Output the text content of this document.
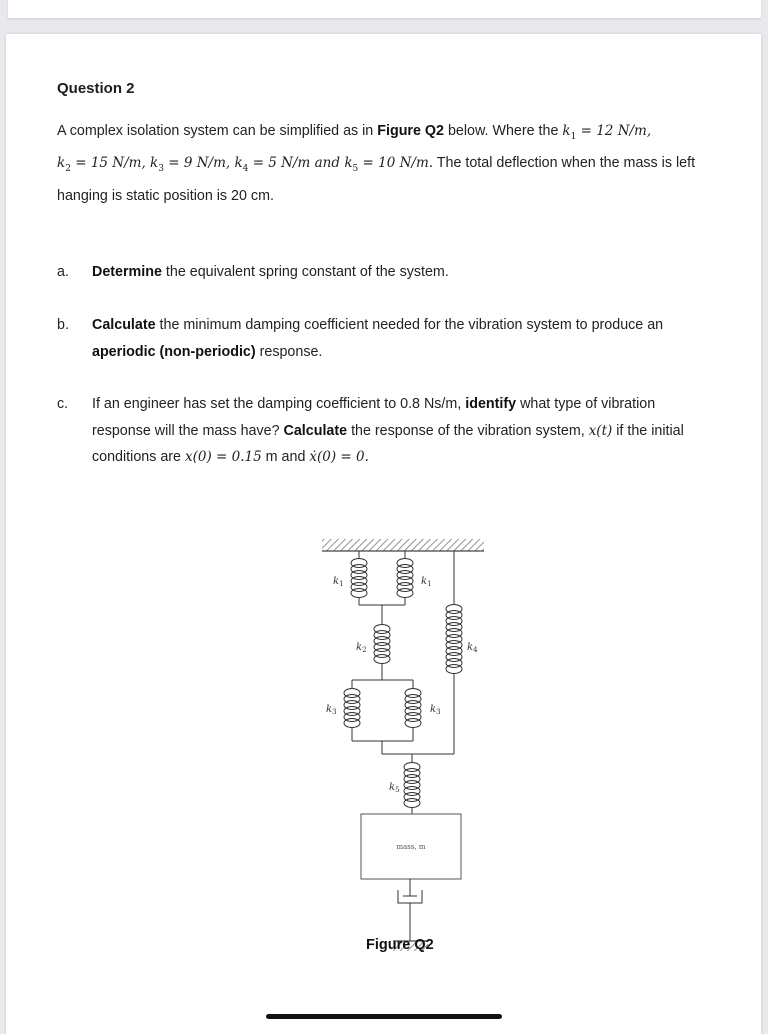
Question 2
A complex isolation system can be simplified as in Figure Q2 below. Where the $k_1 = 12$ N/m,
$k_2 = 15$ N/m, $k_3 = 9$ N/m, $k_4 = 5$ N/m and $k_5 = 10$ N/m. The total deflection when the mass is left hanging is static position is 20 cm.
a. Determine the equivalent spring constant of the system.
b. Calculate the minimum damping coefficient needed for the vibration system to produce an aperiodic (non-periodic) response.
c. If an engineer has set the damping coefficient to 0.8 Ns/m, identify what type of vibration response will the mass have? Calculate the response of the vibration system, x(t) if the initial conditions are x(0) = 0.15 m and ẋ(0) = 0.
$k_1$	$k_1$
$k_2$	$k_4$
$k_3$	$k_3$
$k_5$
mass, m
Figure Q2
